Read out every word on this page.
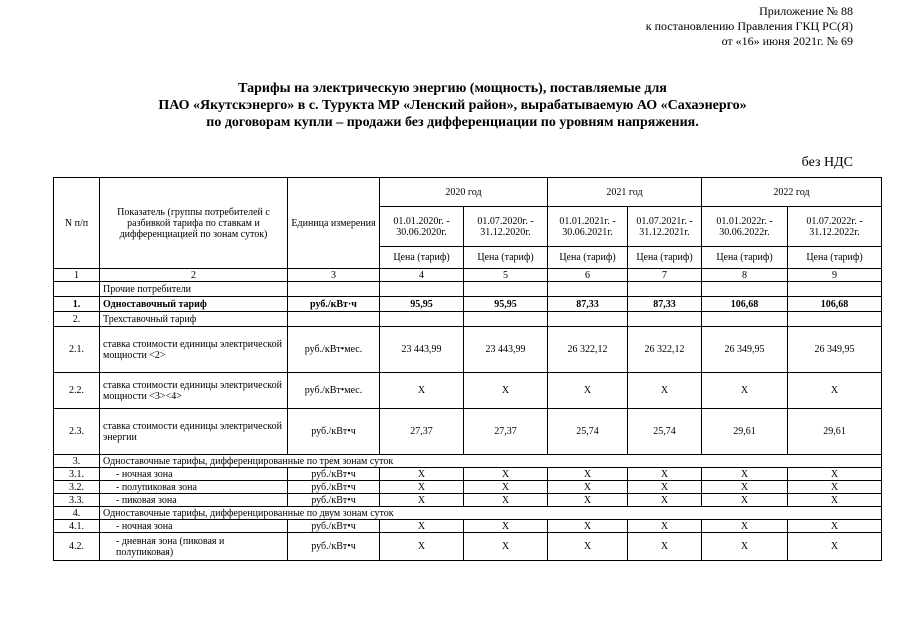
Приложение № 88
к постановлению Правления ГКЦ РС(Я)
от «16» июня 2021г. № 69
Тарифы на электрическую энергию (мощность), поставляемые для
ПАО «Якутскэнерго» в с. Турукта МР «Ленский район», вырабатываемую АО «Сахаэнерго»
по договорам купли – продажи без дифференциации по уровням напряжения.
без НДС
N п/п	Показатель (группы потребителей с разбивкой тарифа по ставкам и дифференциацией по зонам суток)	Единица измерения	2020 год		2021 год		2022 год	
			01.01.2020г. - 30.06.2020г.	01.07.2020г. - 31.12.2020г.	01.01.2021г. - 30.06.2021г.	01.07.2021г. - 31.12.2021г.	01.01.2022г. - 30.06.2022г.	01.07.2022г. - 31.12.2022г.
			Цена (тариф)	Цена (тариф)	Цена (тариф)	Цена (тариф)	Цена (тариф)	Цена (тариф)
1	2	3	4	5	6	7	8	9
	Прочие потребители							
1.	Одноставочный тариф	руб./кВт·ч	95,95	95,95	87,33	87,33	106,68	106,68
2.	Трехставочный тариф							
2.1.	ставка стоимости единицы электрической мощности <2>	руб./кВт•мес.	23 443,99	23 443,99	26 322,12	26 322,12	26 349,95	26 349,95
2.2.	ставка стоимости единицы электрической мощности <3><4>	руб./кВт•мес.	Х	Х	Х	Х	Х	Х
2.3.	ставка стоимости единицы электрической энергии	руб./кВт•ч	27,37	27,37	25,74	25,74	29,61	29,61
3.	Одноставочные тарифы, дифференцированные по трем зонам суток							
3.1.	- ночная зона	руб./кВт•ч	Х	Х	Х	Х	Х	Х
3.2.	- полупиковая зона	руб./кВт•ч	Х	Х	Х	Х	Х	Х
3.3.	- пиковая зона	руб./кВт•ч	Х	Х	Х	Х	Х	Х
4.	Одноставочные тарифы, дифференцированные по двум зонам суток							
4.1.	- ночная зона	руб./кВт•ч	Х	Х	Х	Х	Х	Х
4.2.	- дневная зона (пиковая и полупиковая)	руб./кВт•ч	Х	Х	Х	Х	Х	Х
